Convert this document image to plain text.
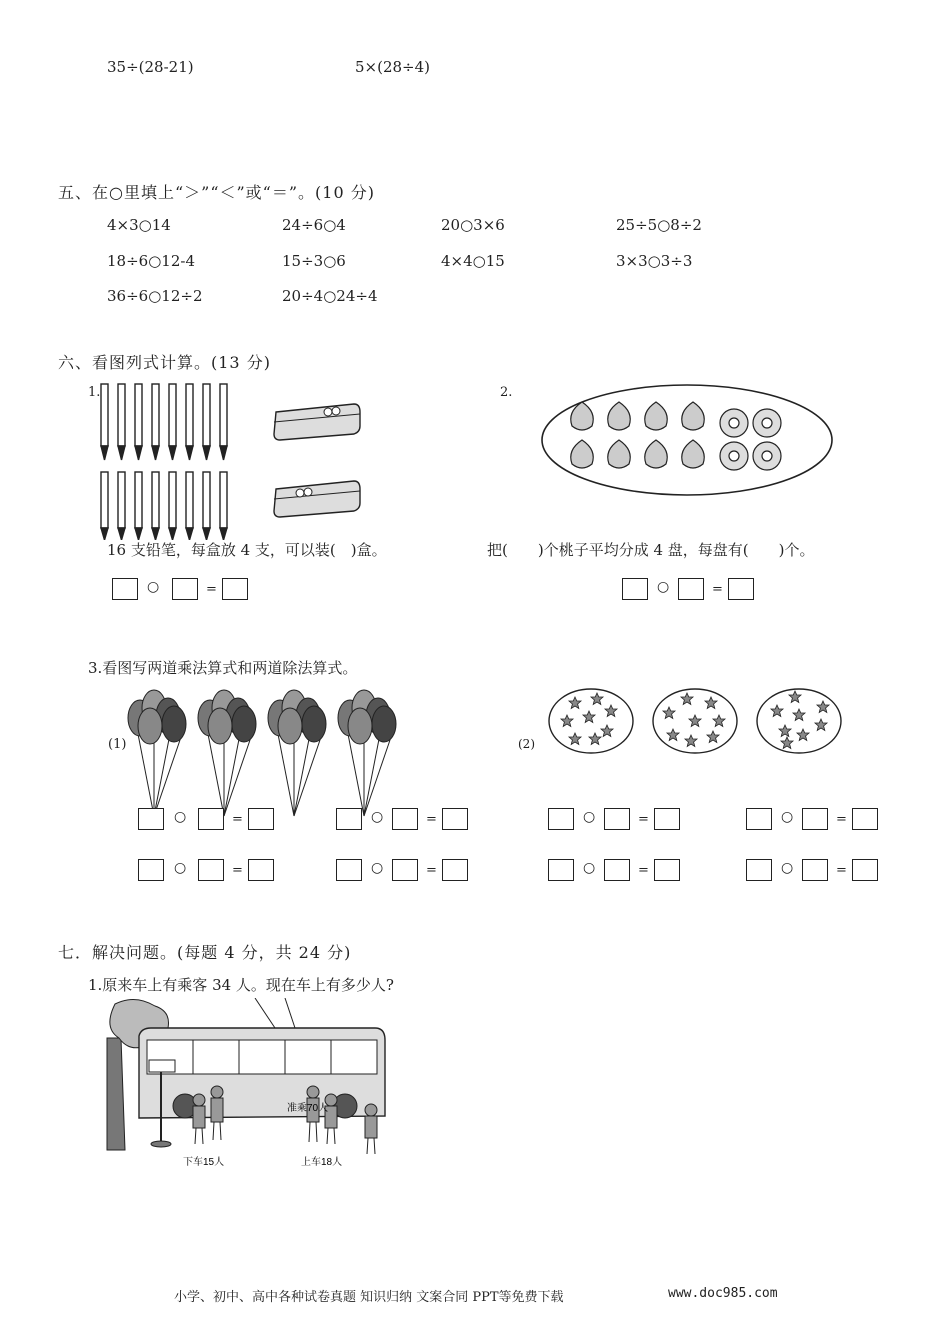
35÷(28-21)	5×(28÷4)
五、在○里填上“＞”“＜”或“＝”。(10 分)
4×3○14	24÷6○4	20○3×6	25÷5○8÷2
18÷6○12-4	15÷3○6	4×4○15	3×3○3÷3
36÷6○12÷2	20÷4○24÷4
六、看图列式计算。(13 分)
1.	2.
16 支铅笔，每盒放 4 支，可以装(　)盒。	把(　　)个桃子平均分成 4 盘，每盘有(　　)个。
○	=	○	=
3.看图写两道乘法算式和两道除法算式。
(1)	(2)
○	=	○	=	○	=	○	=
○	=	○	=	○	=	○	=
七．解决问题。(每题 4 分，共 24 分)
1.原来车上有乘客 34 人。现在车上有多少人?
准乘70人
下车15人	上车18人
小学、初中、高中各种试卷真题 知识归纳 文案合同 PPT等免费下载	www.doc985.com
